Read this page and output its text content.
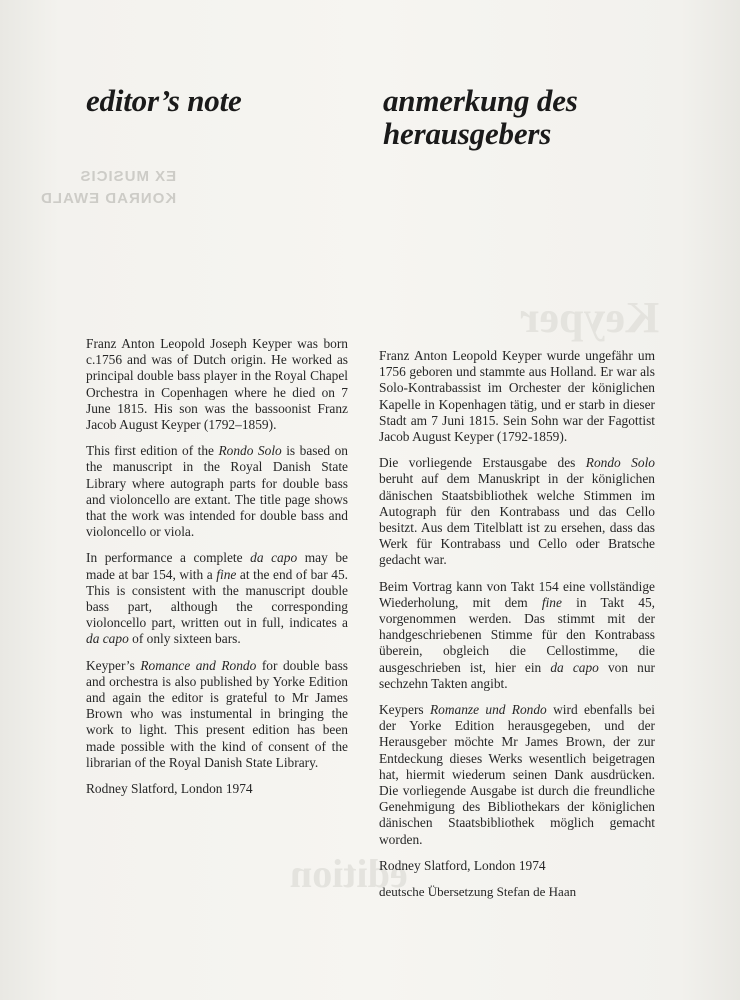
Keyper
edition
editor’s note	anmerkung des
herausgebers
EX MUSICIS
KONRAD EWALD

Franz Anton Leopold Joseph Keyper was born c.1756 and was of Dutch origin. He worked as principal double bass player in the Royal Chapel Orchestra in Copenhagen where he died on 7 June 1815. His son was the bassoonist Franz Jacob August Keyper (1792–1859).

This first edition of the Rondo Solo is based on the manuscript in the Royal Danish State Library where autograph parts for double bass and violoncello are extant. The title page shows that the work was intended for double bass and violoncello or viola.

In performance a complete da capo may be made at bar 154, with a fine at the end of bar 45. This is consistent with the manuscript double bass part, although the corresponding violoncello part, written out in full, indicates a da capo of only sixteen bars.

Keyper’s Romance and Rondo for double bass and orchestra is also published by Yorke Edition and again the editor is grateful to Mr James Brown who was instumental in bringing the work to light. This present edition has been made possible with the kind of consent of the librarian of the Royal Danish State Library.

Rodney Slatford, London 1974

Franz Anton Leopold Keyper wurde ungefähr um 1756 geboren und stammte aus Holland. Er war als Solo-Kontrabassist im Orchester der königlichen Kapelle in Kopenhagen tätig, und er starb in dieser Stadt am 7 Juni 1815. Sein Sohn war der Fagottist Jacob August Keyper (1792-1859).

Die vorliegende Erstausgabe des Rondo Solo beruht auf dem Manuskript in der königlichen dänischen Staatsbibliothek welche Stimmen im Autograph für den Kontrabass und das Cello besitzt. Aus dem Titelblatt ist zu ersehen, dass das Werk für Kontrabass und Cello oder Bratsche gedacht war.

Beim Vortrag kann von Takt 154 eine vollständige Wiederholung, mit dem fine in Takt 45, vorgenommen werden. Das stimmt mit der handgeschriebenen Stimme für den Kontrabass überein, obgleich die Cellostimme, die ausgeschrieben ist, hier ein da capo von nur sechzehn Takten angibt.

Keypers Romanze und Rondo wird ebenfalls bei der Yorke Edition herausgegeben, und der Herausgeber möchte Mr James Brown, der zur Entdeckung dieses Werks wesentlich beigetragen hat, hiermit wiederum seinen Dank ausdrücken. Die vorliegende Ausgabe ist durch die freundliche Genehmigung des Bibliothekars der königlichen dänischen Staatsbibliothek möglich gemacht worden.

Rodney Slatford, London 1974

deutsche Übersetzung Stefan de Haan
